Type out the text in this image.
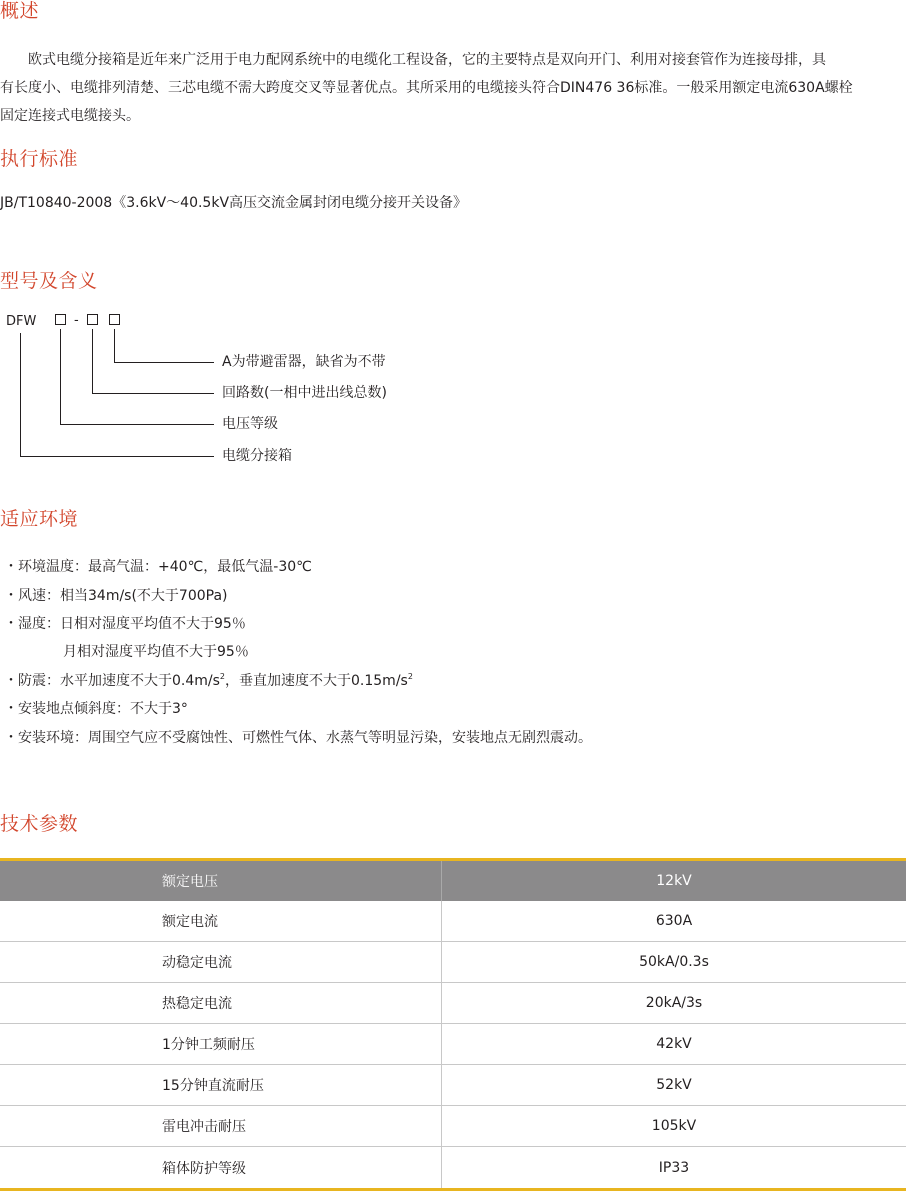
概述
欧式电缆分接箱是近年来广泛用于电力配网系统中的电缆化工程设备，它的主要特点是双向开门、利用对接套管作为连接母排，具
有长度小、电缆排列清楚、三芯电缆不需大跨度交叉等显著优点。其所采用的电缆接头符合DIN476 36标准。一般采用额定电流630A螺栓
固定连接式电缆接头。
执行标准
JB/T10840-2008《3.6kV～40.5kV高压交流金属封闭电缆分接开关设备》
型号及含义
DFW	-
A为带避雷器，缺省为不带
回路数(一相中进出线总数)
电压等级
电缆分接箱
适应环境
・环境温度：最高气温：+40℃，最低气温-30℃
・风速：相当34m/s(不大于700Pa)
・湿度：日相对湿度平均值不大于95％
月相对湿度平均值不大于95％
・防震：水平加速度不大于$0.4m/s^2$，垂直加速度不大于$0.15m/s^2$
・安装地点倾斜度：不大于3°
・安装环境：周围空气应不受腐蚀性、可燃性气体、水蒸气等明显污染，安装地点无剧烈震动。
技术参数
额定电压	12kV
额定电流	630A
动稳定电流	50kA/0.3s
热稳定电流	20kA/3s
1分钟工频耐压	42kV
15分钟直流耐压	52kV
雷电冲击耐压	105kV
箱体防护等级	IP33
